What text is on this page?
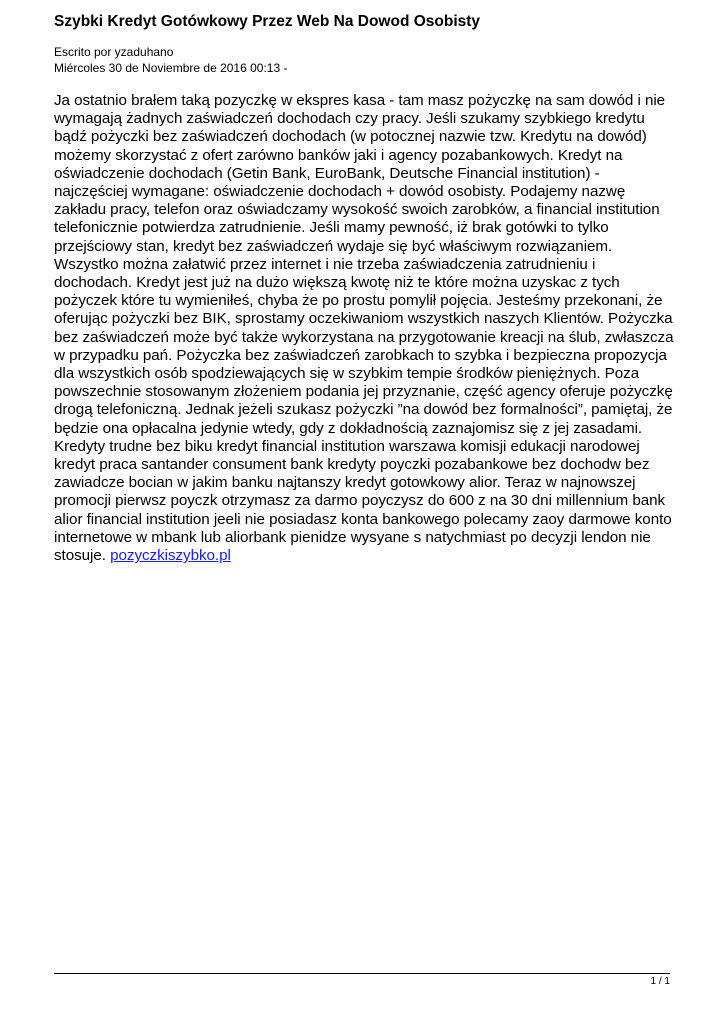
Szybki Kredyt Gotówkowy Przez Web Na Dowod Osobisty
Escrito por yzaduhano
Miércoles 30 de Noviembre de 2016 00:13 -

Ja ostatnio brałem taką pozyczkę w ekspres kasa - tam masz pożyczkę na sam dowód i nie wymagają żadnych zaświadczeń dochodach czy pracy. Jeśli szukamy szybkiego kredytu bądź pożyczki bez zaświadczeń dochodach (w potocznej nazwie tzw. Kredytu na dowód) możemy skorzystać z ofert zarówno banków jaki i agency pozabankowych. Kredyt na oświadczenie dochodach (Getin Bank, EuroBank, Deutsche Financial institution) - najczęściej wymagane: oświadczenie dochodach + dowód osobisty. Podajemy nazwę zakładu pracy, telefon oraz oświadczamy wysokość swoich zarobków, a financial institution telefonicznie potwierdza zatrudnienie. Jeśli mamy pewność, iż brak gotówki to tylko przejściowy stan, kredyt bez zaświadczeń wydaje się być właściwym rozwiązaniem. Wszystko można załatwić przez internet i nie trzeba zaświadczenia zatrudnieniu i dochodach. Kredyt jest już na dużo większą kwotę niż te które można uzyskac z tych pożyczek które tu wymieniłeś, chyba że po prostu pomylił pojęcia. Jesteśmy przekonani, że oferując pożyczki bez BIK, sprostamy oczekiwaniom wszystkich naszych Klientów. Pożyczka bez zaświadczeń może być także wykorzystana na przygotowanie kreacji na ślub, zwłaszcza w przypadku pań. Pożyczka bez zaświadczeń zarobkach to szybka i bezpieczna propozycja dla wszystkich osób spodziewających się w szybkim tempie środków pieniężnych. Poza powszechnie stosowanym złożeniem podania jej przyznanie, część agency oferuje pożyczkę drogą telefoniczną. Jednak jeżeli szukasz pożyczki ”na dowód bez formalności”, pamiętaj, że będzie ona opłacalna jedynie wtedy, gdy z dokładnością zaznajomisz się z jej zasadami. Kredyty trudne bez biku kredyt financial institution warszawa komisji edukacji narodowej kredyt praca santander consument bank kredyty poyczki pozabankowe bez dochodw bez zawiadcze bocian w jakim banku najtanszy kredyt gotowkowy alior. Teraz w najnowszej promocji pierwsz poyczk otrzymasz za darmo poyczysz do 600 z na 30 dni millennium bank alior financial institution jeeli nie posiadasz konta bankowego polecamy zaoy darmowe konto internetowe w mbank lub aliorbank pienidze wysyane s natychmiast po decyzji lendon nie stosuje. pozyczkiszybko.pl

1 / 1
